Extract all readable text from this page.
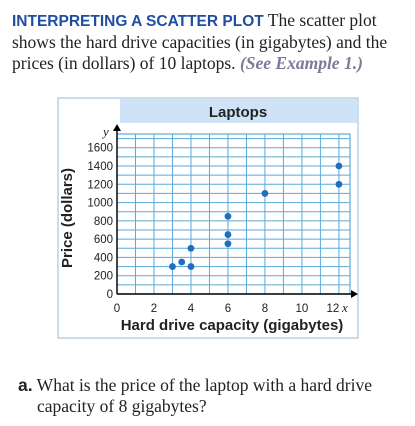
INTERPRETING A SCATTER PLOT The scatter plot shows the hard drive capacities (in gigabytes) and the prices (in dollars) of 10 laptops. (See Example 1.)
Laptops
x
y
0	2	4	6	8 10 12
0
200
400
600
800
1000
1200
1400
1600
Price (dollars)
Hard drive capacity (gigabytes)
a. What is the price of the laptop with a hard drive
capacity of 8 gigabytes?
